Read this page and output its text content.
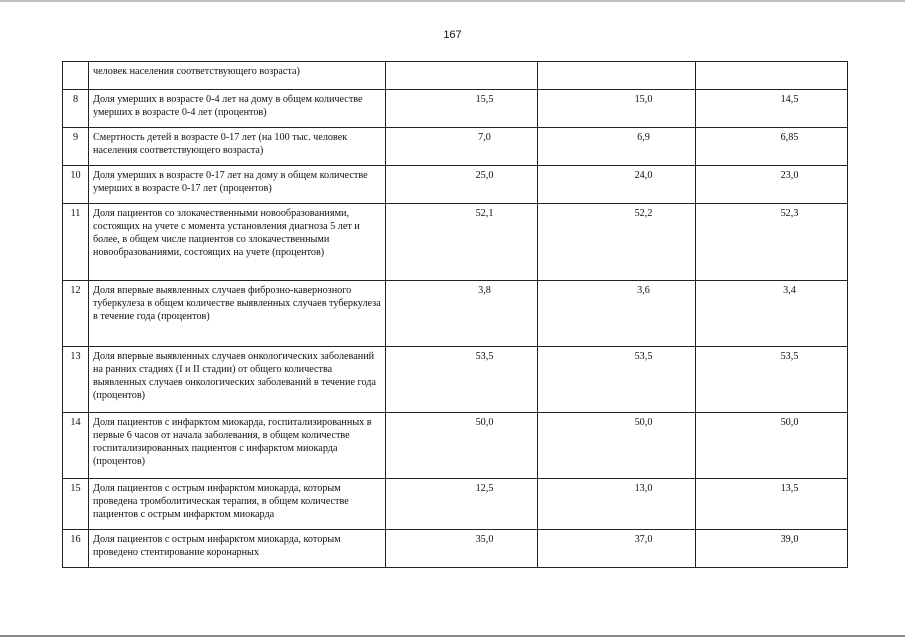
167
	человек населения соответствующего возраста)			
8	Доля умерших в возрасте 0-4 лет на дому в общем количестве умерших в возрасте 0-4 лет (процентов)	15,5	15,0	14,5
9	Смертность детей в возрасте 0-17 лет (на 100 тыс. человек населения соответствующего возраста)	7,0	6,9	6,85
10	Доля умерших в возрасте 0-17 лет на дому в общем количестве умерших в возрасте 0-17 лет (процентов)	25,0	24,0	23,0
11	Доля пациентов со злокачественными новообразованиями, состоящих на учете с момента установления диагноза 5 лет и более, в общем числе пациентов со злокачественными новообразованиями, состоящих на учете (процентов)	52,1	52,2	52,3
12	Доля впервые выявленных случаев фиброзно-кавернозного туберкулеза в общем количестве выявленных случаев туберкулеза в течение года (процентов)	3,8	3,6	3,4
13	Доля впервые выявленных случаев онкологических заболеваний на ранних стадиях (I и II стадии) от общего количества выявленных случаев онкологических заболеваний в течение года (процентов)	53,5	53,5	53,5
14	Доля пациентов с инфарктом миокарда, госпитализированных в первые 6 часов от начала заболевания, в общем количестве госпитализированных пациентов с инфарктом миокарда (процентов)	50,0	50,0	50,0
15	Доля пациентов с острым инфарктом миокарда, которым проведена тромболитическая терапия, в общем количестве пациентов с острым инфарктом миокарда	12,5	13,0	13,5
16	Доля пациентов с острым инфарктом миокарда, которым проведено стентирование коронарных	35,0	37,0	39,0
